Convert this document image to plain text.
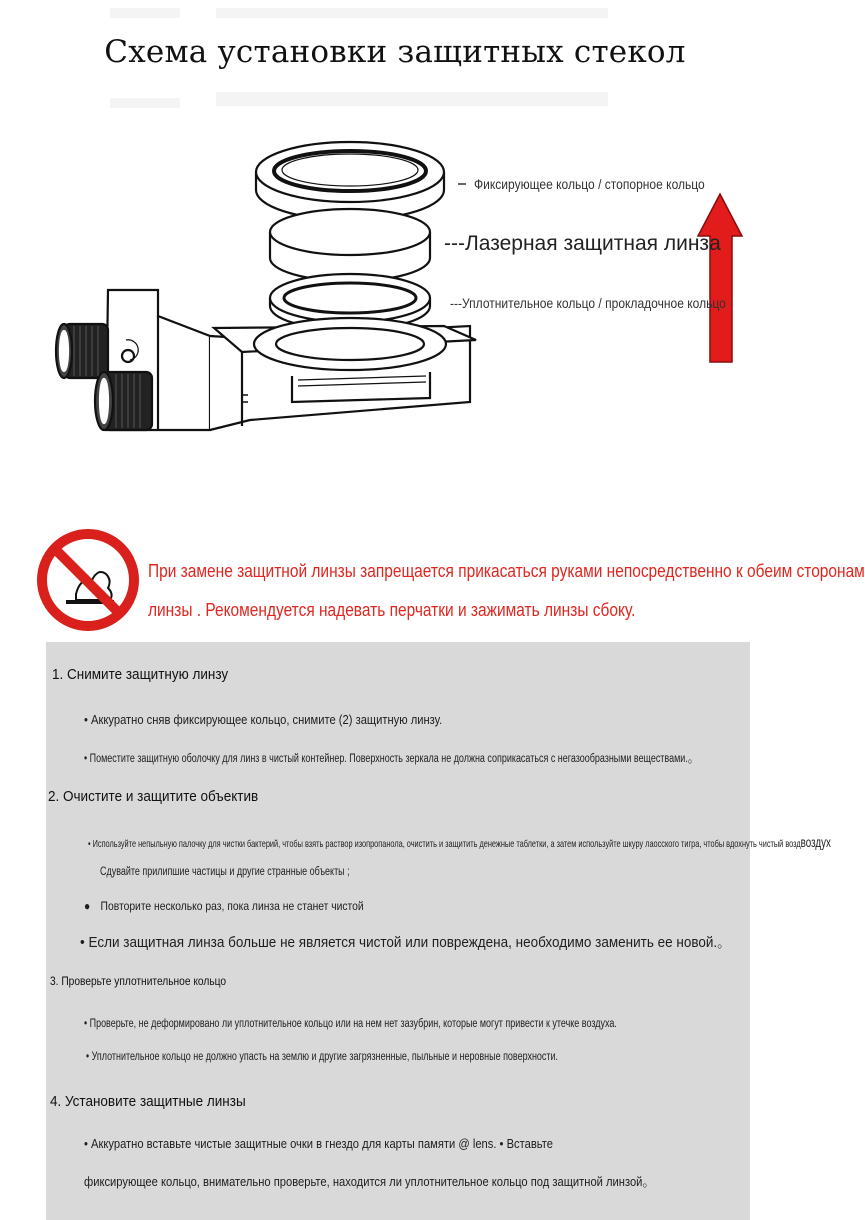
Схема установки защитных стекол
Фиксирующее кольцо / стопорное кольцо
---Лазерная защитная линза
---Уплотнительное кольцо / прокладочное кольцо
При замене защитной линзы запрещается прикасаться руками непосредственно к обеим сторонам
линзы . Рекомендуется надевать перчатки и зажимать линзы сбоку.
1. Снимите защитную линзу
• Аккуратно сняв фиксирующее кольцо, снимите (2) защитную линзу.
• Поместите защитную оболочку для линз в чистый контейнер. Поверхность зеркала не должна соприкасаться с негазообразными веществами.。
2. Очистите и защитите объектив
• Используйте непыльную палочку для чистки бактерий, чтобы взять раствор изопропанола, очистить и защитить денежные таблетки, а затем используйте шкуру лаосского тигра, чтобы вдохнуть чистый воздвоздух
Сдувайте прилипшие частицы и другие странные объекты ;
● Повторите несколько раз, пока линза не станет чистой
• Если защитная линза больше не является чистой или повреждена, необходимо заменить ее новой.。
3. Проверьте уплотнительное кольцо
• Проверьте, не деформировано ли уплотнительное кольцо или на нем нет зазубрин, которые могут привести к утечке воздуха.
• Уплотнительное кольцо не должно упасть на землю и другие загрязненные, пыльные и неровные поверхности.
4. Установите защитные линзы
• Аккуратно вставьте чистые защитные очки в гнездо для карты памяти @ lens. • Вставьте
фиксирующее кольцо, внимательно проверьте, находится ли уплотнительное кольцо под защитной линзой。
